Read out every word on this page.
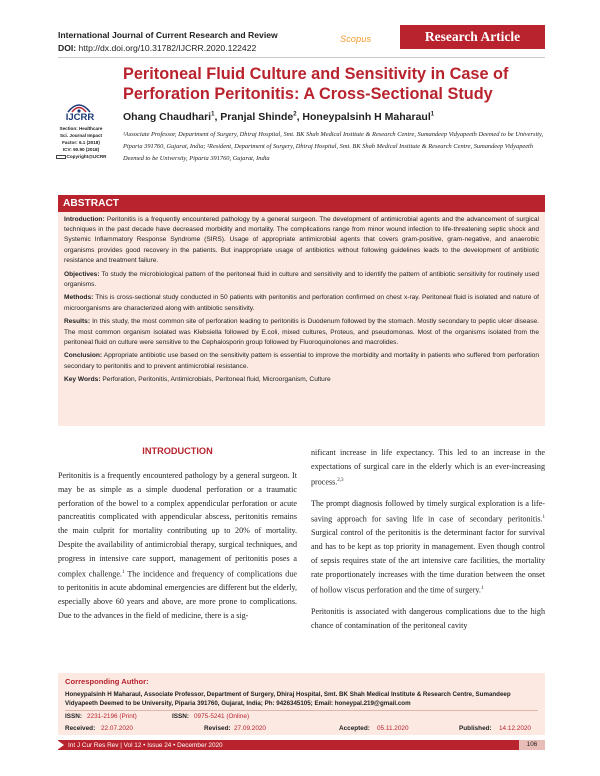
International Journal of Current Research and Review
DOI: http://dx.doi.org/10.31782/IJCRR.2020.122422
Scopus	Research Article
IJCRR
Section: Healthcare
Sci. Journal Impact
Factor: 6.1 (2018)
ICV: 90.90 (2018)
Copyright@IJCRR
Peritoneal Fluid Culture and Sensitivity in Case of Perforation Peritonitis: A Cross-Sectional Study
Ohang Chaudhari$^1$, Pranjal Shinde$^2$, Honeypalsinh H Maharaul$^1$
¹Associate Professor, Department of Surgery, Dhiraj Hospital, Smt. BK Shah Medical Institute & Research Centre, Sumandeep Vidyapeeth Deemed to be University, Piparia 391760, Gujarat, India; ²Resident, Department of Surgery, Dhiraj Hospital, Smt. BK Shah Medical Institute & Research Centre, Sumandeep Vidyapeeth Deemed to be University, Piparia 391760, Gujarat, India
ABSTRACT

Introduction: Peritonitis is a frequently encountered pathology by a general surgeon. The development of antimicrobial agents and the advancement of surgical techniques in the past decade have decreased morbidity and mortality. The complications range from minor wound infection to life-threatening septic shock and Systemic Inflammatory Response Syndrome (SIRS). Usage of appropriate antimicrobial agents that covers gram-positive, gram-negative, and anaerobic organisms provides good recovery in the patients. But inappropriate usage of antibiotics without following guidelines leads to the development of antibiotic resistance and treatment failure.

Objectives: To study the microbiological pattern of the peritoneal fluid in culture and sensitivity and to identify the pattern of antibiotic sensitivity for routinely used organisms.

Methods: This is cross-sectional study conducted in 50 patients with peritonitis and perforation confirmed on chest x-ray. Peritoneal fluid is isolated and nature of microorganisms are characterized along with antibiotic sensitivity.

Results: In this study, the most common site of perforation leading to peritonitis is Duodenum followed by the stomach. Mostly secondary to peptic ulcer disease. The most common organism isolated was Klebsiella followed by E.coli, mixed cultures, Proteus, and pseudomonas. Most of the organisms isolated from the peritoneal fluid on culture were sensitive to the Cephalosporin group followed by Fluoroquinolones and macrolides.

Conclusion: Appropriate antibiotic use based on the sensitivity pattern is essential to improve the morbidity and mortality in patients who suffered from perforation secondary to peritonitis and to prevent antimicrobial resistance.

Key Words: Perforation, Peritonitis, Antimicrobials, Peritoneal fluid, Microorganism, Culture

INTRODUCTION

Peritonitis is a frequently encountered pathology by a general surgeon. It may be as simple as a simple duodenal perforation or a traumatic perforation of the bowel to a complex appendicular perforation or acute pancreatitis complicated with appendicular abscess, peritonitis remains the main culprit for mortality contributing up to 20% of mortality. Despite the availability of antimicrobial therapy, surgical techniques, and progress in intensive care support, management of peritonitis poses a complex challenge.$^1$ The incidence and frequency of complications due to peritonitis in acute abdominal emergencies are different but the elderly, especially above 60 years and above, are more prone to complications. Due to the advances in the field of medicine, there is a sig-

nificant increase in life expectancy. This led to an increase in the expectations of surgical care in the elderly which is an ever-increasing process.$^{2,3}$

The prompt diagnosis followed by timely surgical exploration is a life-saving approach for saving life in case of secondary peritonitis.$^1$ Surgical control of the peritonitis is the determinant factor for survival and has to be kept as top priority in management. Even though control of sepsis requires state of the art intensive care facilities, the mortality rate proportionately increases with the time duration between the onset of hollow viscus perforation and the time of surgery.$^1$

Peritonitis is associated with dangerous complications due to the high chance of contamination of the peritoneal cavity

Corresponding Author:
Honeypalsinh H Maharaul, Associate Professor, Department of Surgery, Dhiraj Hospital, Smt. BK Shah Medical Institute & Research Centre, Sumandeep Vidyapeeth Deemed to be University, Piparia 391760, Gujarat, India; Ph: 9426345105; Email: honeypal.219@gmail.com
ISSN: 2231-2196 (Print)	ISSN: 0975-5241 (Online)
Received: 22.07.2020	Revised: 27.09.2020	Accepted: 05.11.2020	Published: 14.12.2020
Int J Cur Res Rev | Vol 12 • Issue 24 • December 2020	106
